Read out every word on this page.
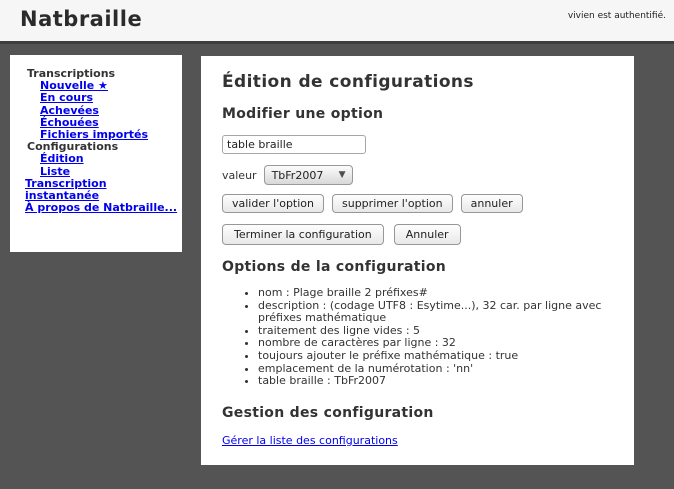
Natbraille	vivien est authentifié.
Transcriptions
Nouvelle ★
En cours
Achevées
Échouées
Fichiers importés
Configurations
Édition
Liste
Transcription instantanée
À propos de Natbraille...
Édition de configurations
Modifier une option
table braille
valeur TbFr2007 ▼
valider l'option	supprimer l'option	annuler
Terminer la configuration	Annuler
Options de la configuration
• nom : Plage braille 2 préfixes#
• description : (codage UTF8 : Esytime...), 32 car. par ligne avec préfixes mathématique
• traitement des ligne vides : 5
• nombre de caractères par ligne : 32
• toujours ajouter le préfixe mathématique : true
• emplacement de la numérotation : 'nn'
• table braille : TbFr2007
Gestion des configuration
Gérer la liste des configurations
